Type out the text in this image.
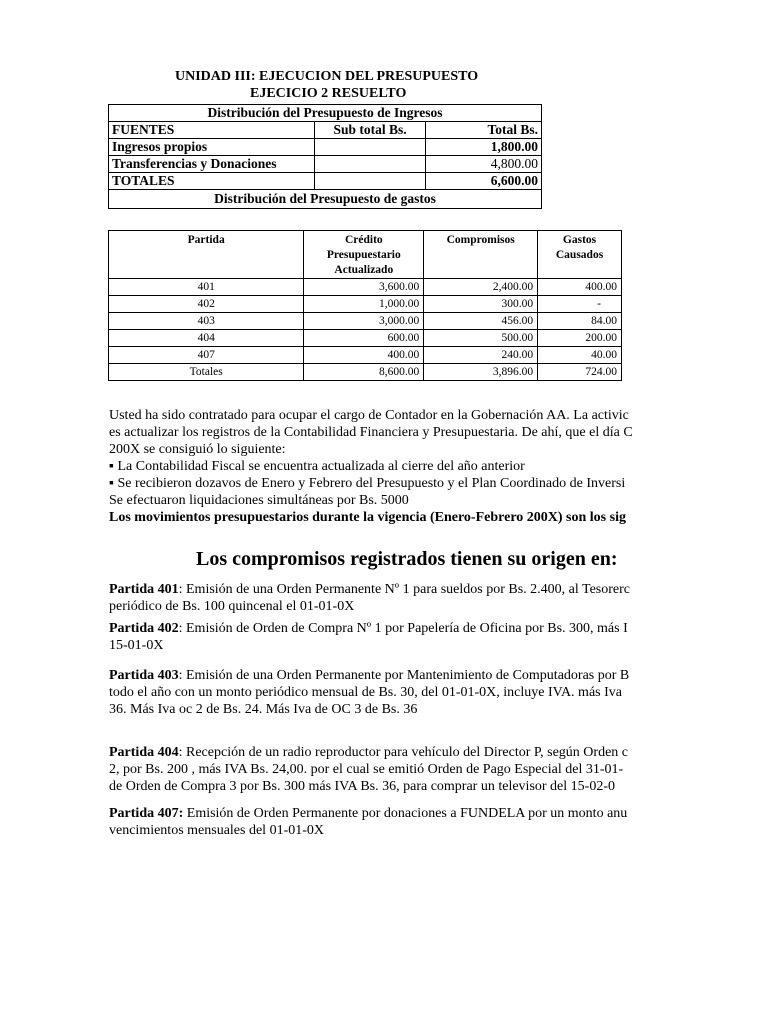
UNIDAD III: EJECUCION DEL PRESUPUESTO
EJECICIO 2 RESUELTO
Distribución del Presupuesto de Ingresos		
FUENTES	Sub total Bs.	Total Bs.
Ingresos propios		1,800.00
Transferencias y Donaciones		4,800.00
TOTALES		6,600.00
Distribución del Presupuesto de gastos		
Partida	Crédito Presupuestario Actualizado	Compromisos	Gastos Causados
401	3,600.00	2,400.00	400.00
402	1,000.00	300.00	-
403	3,000.00	456.00	84.00
404	600.00	500.00	200.00
407	400.00	240.00	40.00
Totales	8,600.00	3,896.00	724.00
Usted ha sido contratado para ocupar el cargo de Contador en la Gobernación AA. La activic
es actualizar los registros de la Contabilidad Financiera y Presupuestaria. De ahí, que el día C
200X se consiguió lo siguiente:
▪ La Contabilidad Fiscal se encuentra actualizada al cierre del año anterior
▪ Se recibieron dozavos de Enero y Febrero del Presupuesto y el Plan Coordinado de Inversi
Se efectuaron liquidaciones simultáneas por Bs. 5000
Los movimientos presupuestarios durante la vigencia (Enero-Febrero 200X) son los sig
Los compromisos registrados tienen su origen en:
Partida 401: Emisión de una Orden Permanente Nº 1 para sueldos por Bs. 2.400, al Tesorerc
periódico de Bs. 100 quincenal el 01-01-0X
Partida 402: Emisión de Orden de Compra Nº 1 por Papelería de Oficina por Bs. 300, más I
15-01-0X
Partida 403: Emisión de una Orden Permanente por Mantenimiento de Computadoras por B
todo el año con un monto periódico mensual de Bs. 30, del 01-01-0X, incluye IVA. más Iva
36. Más Iva oc 2 de Bs. 24. Más Iva de OC 3 de Bs. 36
Partida 404: Recepción de un radio reproductor para vehículo del Director P, según Orden c
2, por Bs. 200 , más IVA Bs. 24,00. por el cual se emitió Orden de Pago Especial del 31-01-
de Orden de Compra 3 por Bs. 300 más IVA Bs. 36, para comprar un televisor del 15-02-0
Partida 407: Emisión de Orden Permanente por donaciones a FUNDELA por un monto anu
vencimientos mensuales del 01-01-0X
